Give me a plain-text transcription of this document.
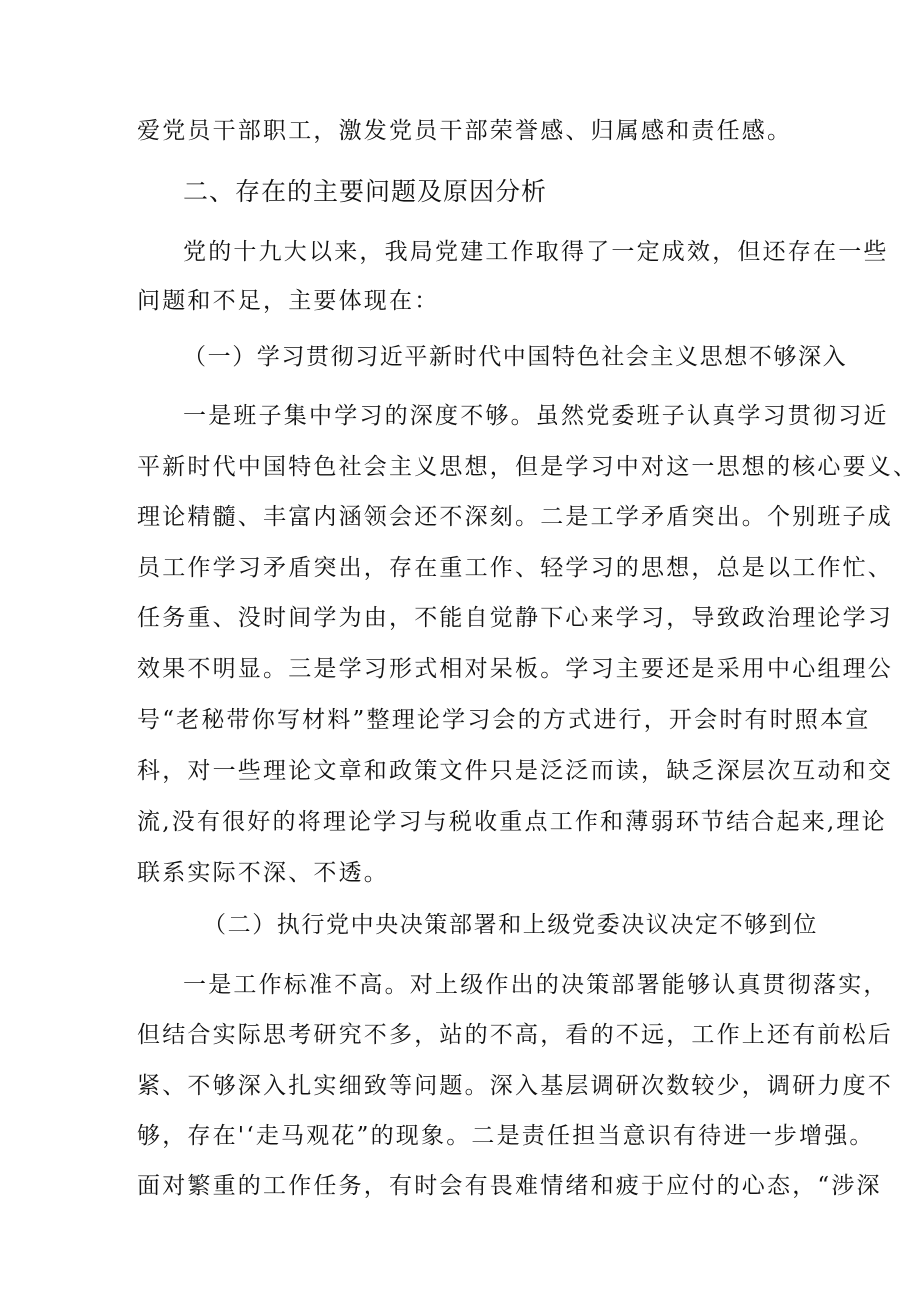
爱党员干部职工，激发党员干部荣誉感、归属感和责任感。
二、存在的主要问题及原因分析
党的十九大以来，我局党建工作取得了一定成效，但还存在一些
问题和不足，主要体现在：
（一）学习贯彻习近平新时代中国特色社会主义思想不够深入
一是班子集中学习的深度不够。虽然党委班子认真学习贯彻习近
平新时代中国特色社会主义思想，但是学习中对这一思想的核心要义、
理论精髓、丰富内涵领会还不深刻。二是工学矛盾突出。个别班子成
员工作学习矛盾突出，存在重工作、轻学习的思想，总是以工作忙、
任务重、没时间学为由，不能自觉静下心来学习，导致政治理论学习
效果不明显。三是学习形式相对呆板。学习主要还是采用中心组理公
号“老秘带你写材料”整理论学习会的方式进行，开会时有时照本宣
科，对一些理论文章和政策文件只是泛泛而读，缺乏深层次互动和交
流,没有很好的将理论学习与税收重点工作和薄弱环节结合起来,理论
联系实际不深、不透。
（二）执行党中央决策部署和上级党委决议决定不够到位
一是工作标准不高。对上级作出的决策部署能够认真贯彻落实，
但结合实际思考研究不多，站的不高，看的不远，工作上还有前松后
紧、不够深入扎实细致等问题。深入基层调研次数较少，调研力度不
够，存在'‘走马观花”的现象。二是责任担当意识有待进一步增强。
面对繁重的工作任务，有时会有畏难情绪和疲于应付的心态，“涉深
